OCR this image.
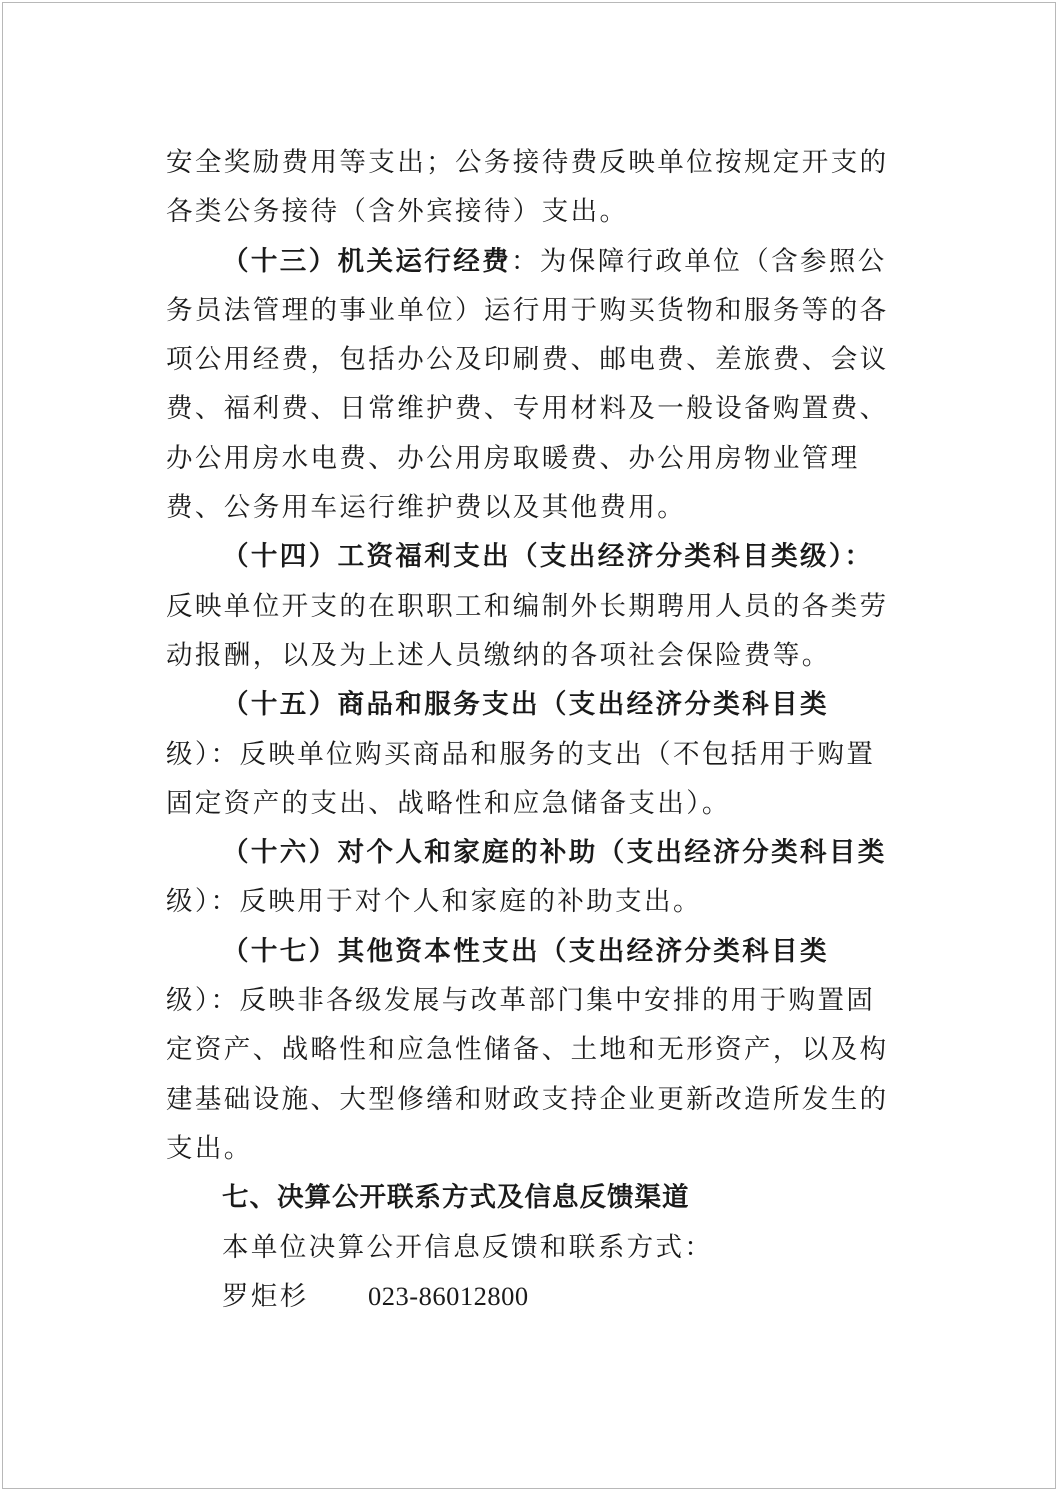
安全奖励费用等支出；公务接待费反映单位按规定开支的
各类公务接待（含外宾接待）支出。
（十三）机关运行经费：为保障行政单位（含参照公
务员法管理的事业单位）运行用于购买货物和服务等的各
项公用经费，包括办公及印刷费、邮电费、差旅费、会议
费、福利费、日常维护费、专用材料及一般设备购置费、
办公用房水电费、办公用房取暖费、办公用房物业管理
费、公务用车运行维护费以及其他费用。
（十四）工资福利支出（支出经济分类科目类级）：
反映单位开支的在职职工和编制外长期聘用人员的各类劳
动报酬，以及为上述人员缴纳的各项社会保险费等。
（十五）商品和服务支出（支出经济分类科目类
级）：反映单位购买商品和服务的支出（不包括用于购置
固定资产的支出、战略性和应急储备支出）。
（十六）对个人和家庭的补助（支出经济分类科目类
级）：反映用于对个人和家庭的补助支出。
（十七）其他资本性支出（支出经济分类科目类
级）：反映非各级发展与改革部门集中安排的用于购置固
定资产、战略性和应急性储备、土地和无形资产，以及构
建基础设施、大型修缮和财政支持企业更新改造所发生的
支出。
七、决算公开联系方式及信息反馈渠道
本单位决算公开信息反馈和联系方式：
罗炬杉 023-86012800
